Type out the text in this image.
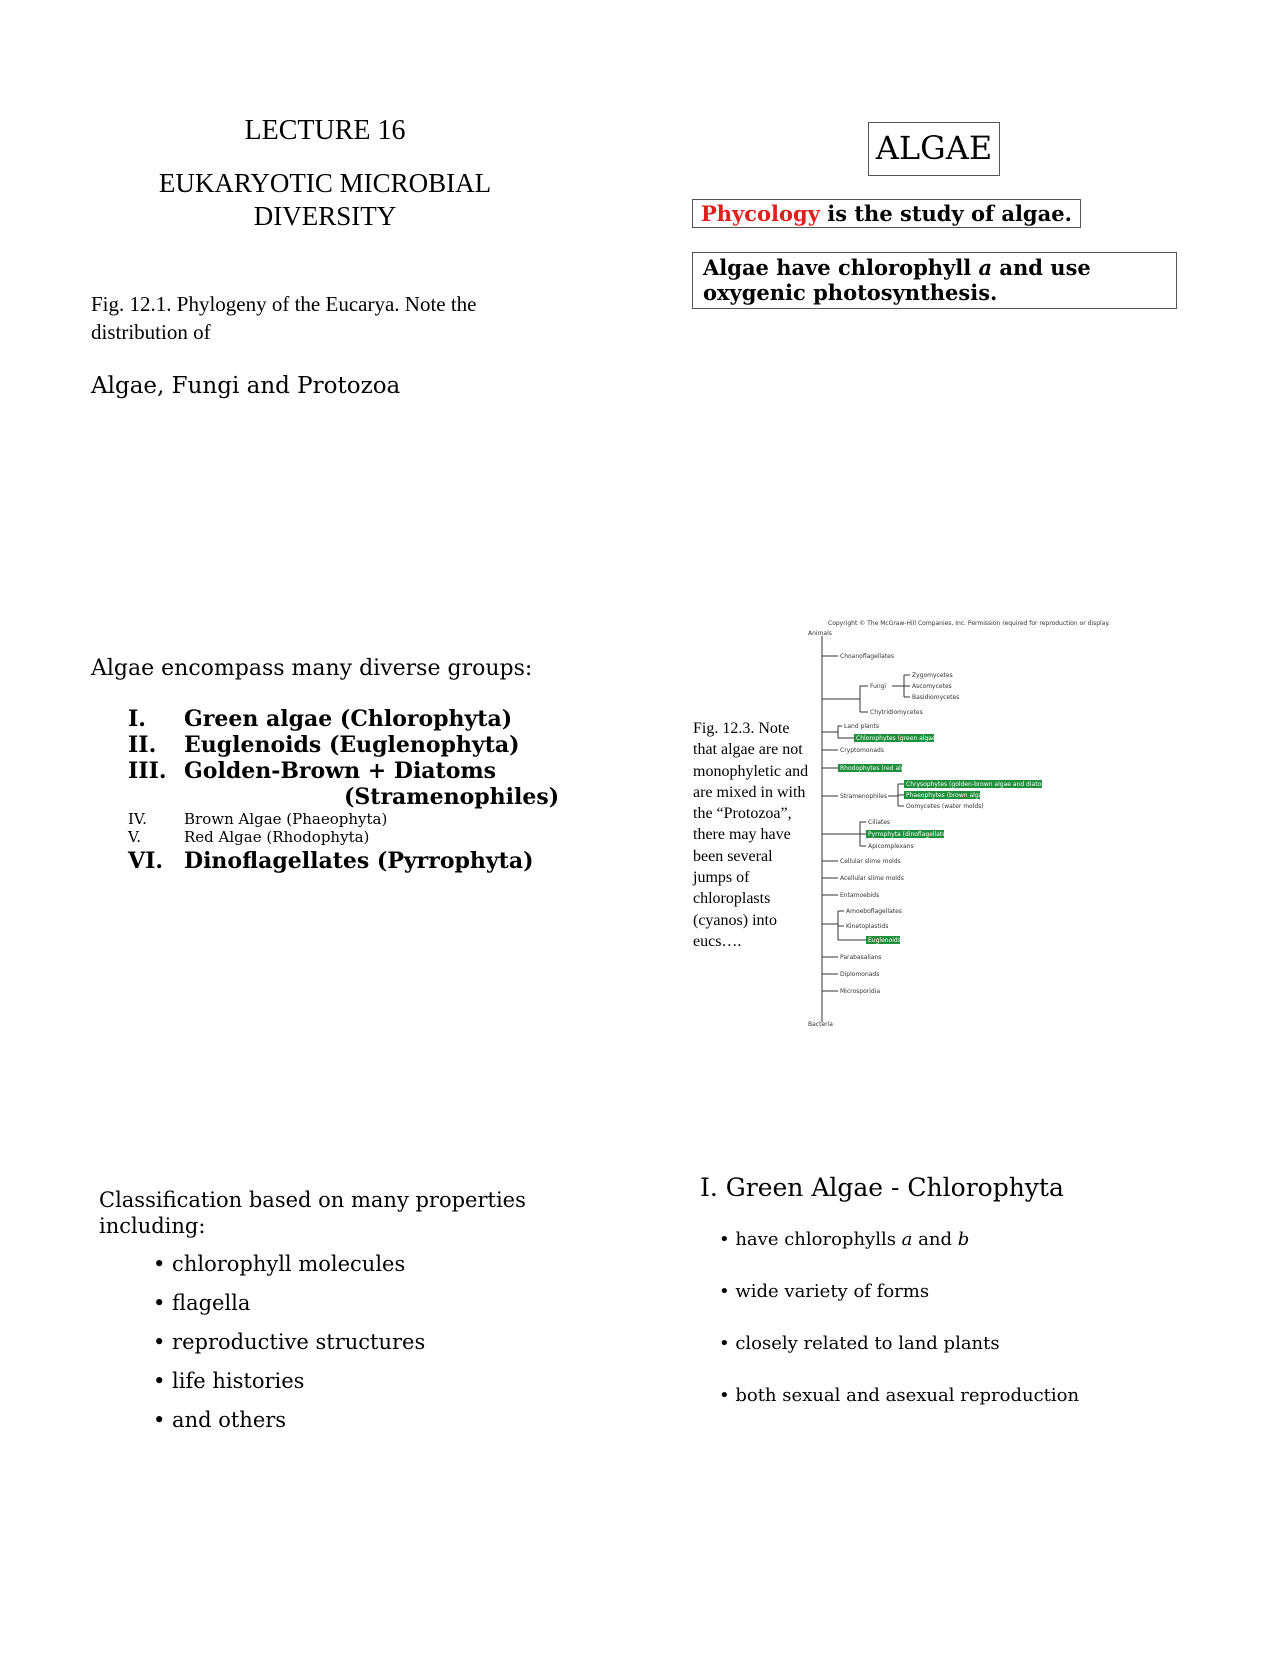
LECTURE 16
EUKARYOTIC MICROBIAL DIVERSITY
Fig. 12.1. Phylogeny of the Eucarya. Note the distribution of
Algae, Fungi and Protozoa
ALGAE
Phycology is the study of algae.
Algae have chlorophyll a and use oxygenic photosynthesis.
Algae encompass many diverse groups:
I. Green algae (Chlorophyta)
II. Euglenoids (Euglenophyta)
III. Golden-Brown + Diatoms
(Stramenophiles)
IV. Brown Algae (Phaeophyta)
V.	Red Algae (Rhodophyta)
VI. Dinoflagellates (Pyrrophyta)
Fig. 12.3. Note
that algae are not
monophyletic and
are mixed in with
the “Protozoa”,
there may have
been several
jumps of
chloroplasts
(cyanos) into
eucs….
Copyright © The McGraw-Hill Companies, Inc. Permission required for reproduction or display.
Animals
Bacteria
Choanoflagellates
Fungi
Zygomycetes
Ascomycetes
Basidiomycetes
Chytridiomycetes
Land plants
Chlorophytes (green algae)
Cryptomonads
Rhodophytes (red algae)
Stramenophiles
Chrysophytes (golden-brown algae and diatoms)
Phaeophytes (brown algae)
Oomycetes (water molds)
Ciliates
Pyrrophyta (dinoflagellates)
Apicomplexans
Cellular slime molds
Acellular slime molds
Entamoebids
Amoeboflagellates
Kinetoplastids
Euglenoids
Parabasalians
Diplomonads
Microsporidia
Classification based on many properties including:
• chlorophyll molecules
• flagella
• reproductive structures
• life histories
• and others
I. Green Algae - Chlorophyta
• have chlorophylls a and b
• wide variety of forms
• closely related to land plants
• both sexual and asexual reproduction
